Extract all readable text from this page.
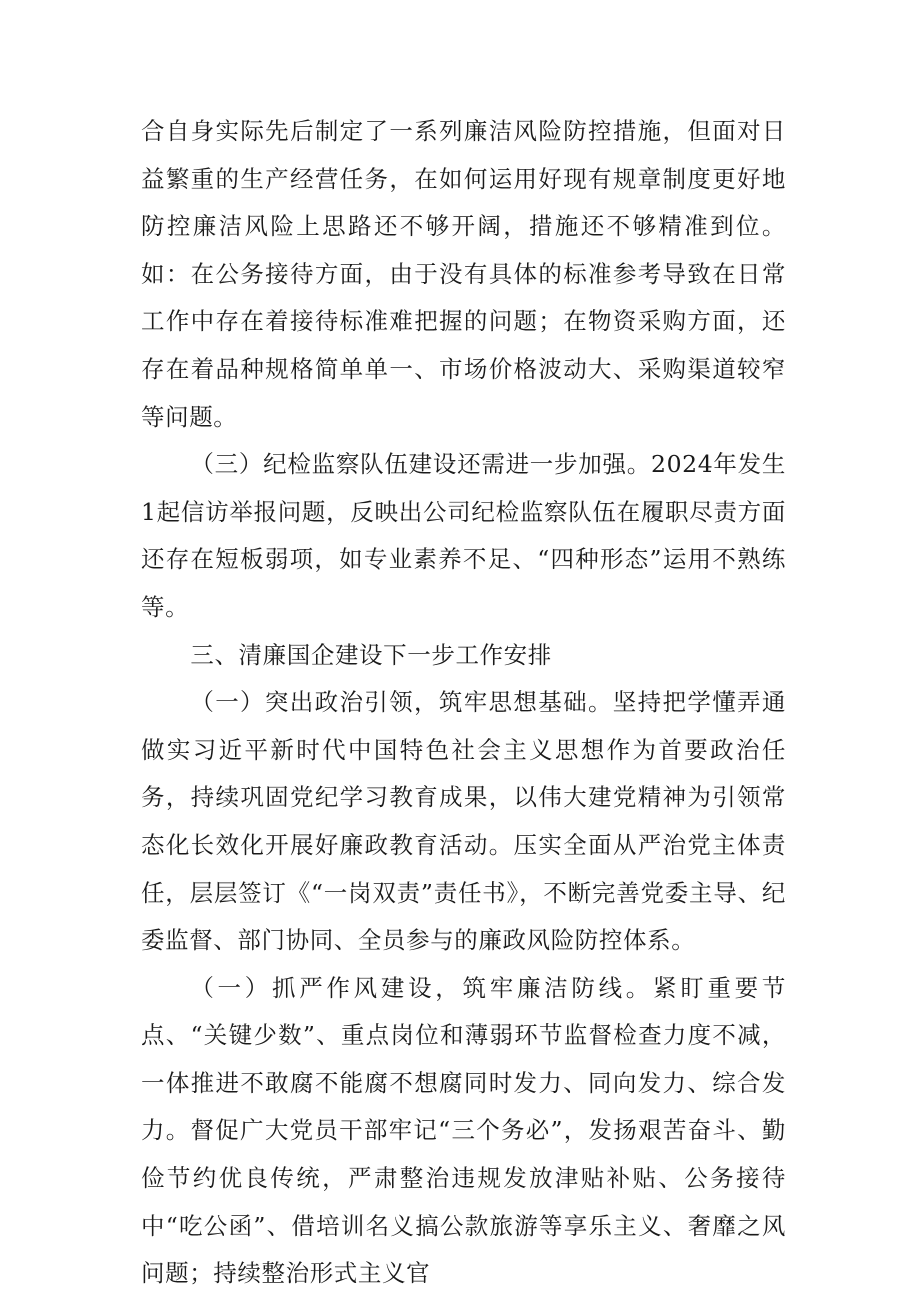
合自身实际先后制定了一系列廉洁风险防控措施，但面对日益繁重的生产经营任务，在如何运用好现有规章制度更好地防控廉洁风险上思路还不够开阔，措施还不够精准到位。如：在公务接待方面，由于没有具体的标准参考导致在日常工作中存在着接待标准难把握的问题；在物资采购方面，还存在着品种规格简单单一、市场价格波动大、采购渠道较窄等问题。

（三）纪检监察队伍建设还需进一步加强。2024年发生1起信访举报问题，反映出公司纪检监察队伍在履职尽责方面还存在短板弱项，如专业素养不足、“四种形态”运用不熟练等。

三、清廉国企建设下一步工作安排

（一）突出政治引领，筑牢思想基础。坚持把学懂弄通做实习近平新时代中国特色社会主义思想作为首要政治任务，持续巩固党纪学习教育成果，以伟大建党精神为引领常态化长效化开展好廉政教育活动。压实全面从严治党主体责任，层层签订《“一岗双责”责任书》，不断完善党委主导、纪委监督、部门协同、全员参与的廉政风险防控体系。

（一）抓严作风建设，筑牢廉洁防线。紧盯重要节点、“关键少数”、重点岗位和薄弱环节监督检查力度不减，一体推进不敢腐不能腐不想腐同时发力、同向发力、综合发力。督促广大党员干部牢记“三个务必”，发扬艰苦奋斗、勤俭节约优良传统，严肃整治违规发放津贴补贴、公务接待中“吃公函”、借培训名义搞公款旅游等享乐主义、奢靡之风问题；持续整治形式主义官
